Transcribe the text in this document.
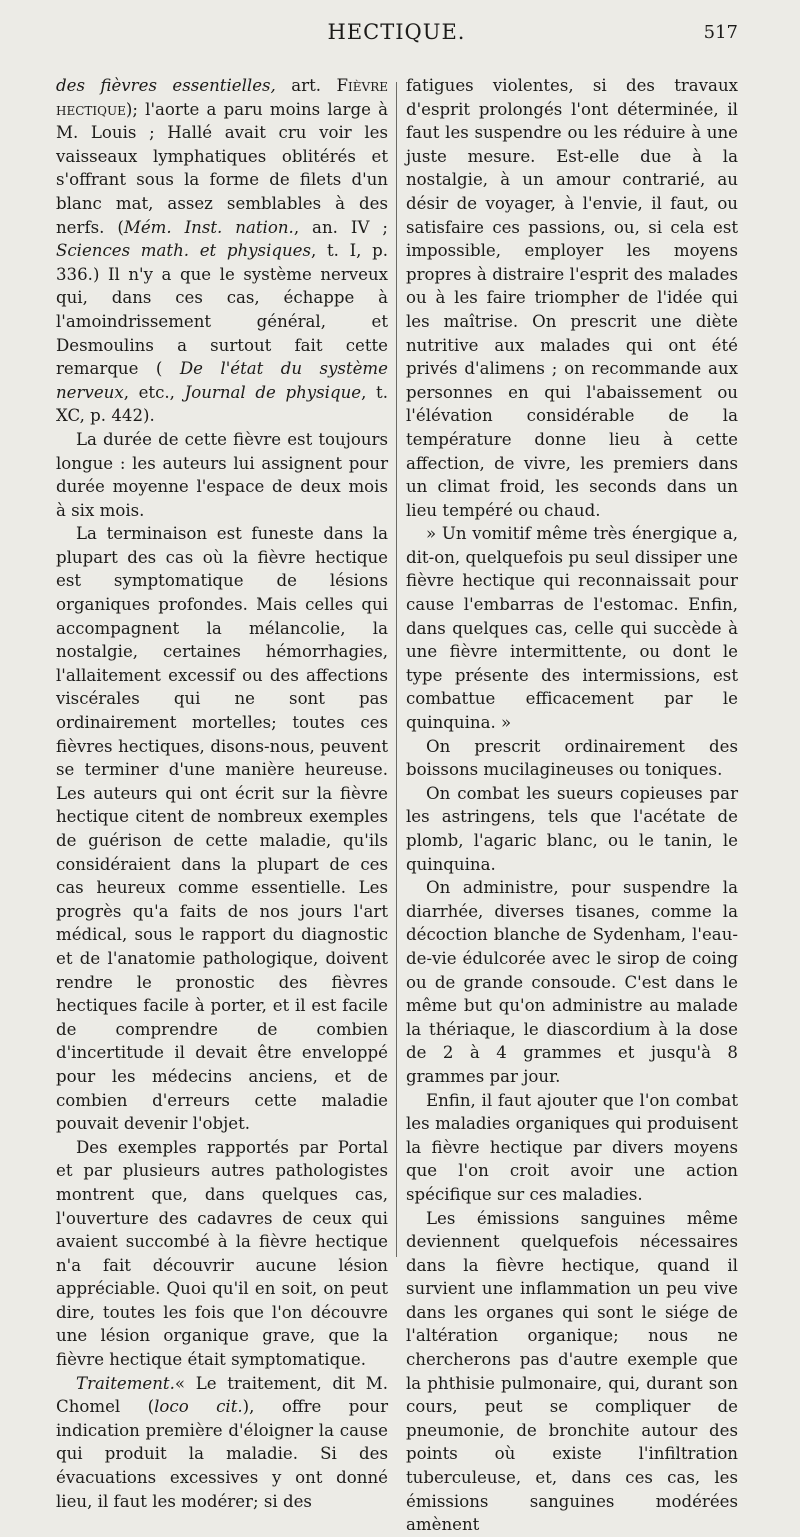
HECTIQUE.	517

des fièvres essentielles, art. Fièvre hectique); l'aorte a paru moins large à M. Louis ; Hallé avait cru voir les vaisseaux lymphatiques oblitérés et s'offrant sous la forme de filets d'un blanc mat, assez semblables à des nerfs. (Mém. Inst. nation., an. IV ; Sciences math. et physiques, t. I, p. 336.) Il n'y a que le système nerveux qui, dans ces cas, échappe à l'amoindrissement général, et Desmoulins a surtout fait cette remarque ( De l'état du système nerveux, etc., Journal de physique, t. XC, p. 442).

La durée de cette fièvre est toujours longue : les auteurs lui assignent pour durée moyenne l'espace de deux mois à six mois.

La terminaison est funeste dans la plupart des cas où la fièvre hectique est symptomatique de lésions organiques profondes. Mais celles qui accompagnent la mélancolie, la nostalgie, certaines hémorrhagies, l'allaitement excessif ou des affections viscérales qui ne sont pas ordinairement mortelles; toutes ces fièvres hectiques, disons-nous, peuvent se terminer d'une manière heureuse. Les auteurs qui ont écrit sur la fièvre hectique citent de nombreux exemples de guérison de cette maladie, qu'ils considéraient dans la plupart de ces cas heureux comme essentielle. Les progrès qu'a faits de nos jours l'art médical, sous le rapport du diagnostic et de l'anatomie pathologique, doivent rendre le pronostic des fièvres hectiques facile à porter, et il est facile de comprendre de combien d'incertitude il devait être enveloppé pour les médecins anciens, et de combien d'erreurs cette maladie pouvait devenir l'objet.

Des exemples rapportés par Portal et par plusieurs autres pathologistes montrent que, dans quelques cas, l'ouverture des cadavres de ceux qui avaient succombé à la fièvre hectique n'a fait découvrir aucune lésion appréciable. Quoi qu'il en soit, on peut dire, toutes les fois que l'on découvre une lésion organique grave, que la fièvre hectique était symptomatique.

Traitement.« Le traitement, dit M. Chomel (loco cit.), offre pour indication première d'éloigner la cause qui produit la maladie. Si des évacuations excessives y ont donné lieu, il faut les modérer; si des

fatigues violentes, si des travaux d'esprit prolongés l'ont déterminée, il faut les suspendre ou les réduire à une juste mesure. Est-elle due à la nostalgie, à un amour contrarié, au désir de voyager, à l'envie, il faut, ou satisfaire ces passions, ou, si cela est impossible, employer les moyens propres à distraire l'esprit des malades ou à les faire triompher de l'idée qui les maîtrise. On prescrit une diète nutritive aux malades qui ont été privés d'alimens ; on recommande aux personnes en qui l'abaissement ou l'élévation considérable de la température donne lieu à cette affection, de vivre, les premiers dans un climat froid, les seconds dans un lieu tempéré ou chaud.

» Un vomitif même très énergique a, dit-on, quelquefois pu seul dissiper une fièvre hectique qui reconnaissait pour cause l'embarras de l'estomac. Enfin, dans quelques cas, celle qui succède à une fièvre intermittente, ou dont le type présente des intermissions, est combattue efficacement par le quinquina. »

On prescrit ordinairement des boissons mucilagineuses ou toniques.

On combat les sueurs copieuses par les astringens, tels que l'acétate de plomb, l'agaric blanc, ou le tanin, le quinquina.

On administre, pour suspendre la diarrhée, diverses tisanes, comme la décoction blanche de Sydenham, l'eau-de-vie édulcorée avec le sirop de coing ou de grande consoude. C'est dans le même but qu'on administre au malade la thériaque, le diascordium à la dose de 2 à 4 grammes et jusqu'à 8 grammes par jour.

Enfin, il faut ajouter que l'on combat les maladies organiques qui produisent la fièvre hectique par divers moyens que l'on croit avoir une action spécifique sur ces maladies.

Les émissions sanguines même deviennent quelquefois nécessaires dans la fièvre hectique, quand il survient une inflammation un peu vive dans les organes qui sont le siége de l'altération organique; nous ne chercherons pas d'autre exemple que la phthisie pulmonaire, qui, durant son cours, peut se compliquer de pneumonie, de bronchite autour des points où existe l'infiltration tuberculeuse, et, dans ces cas, les émissions sanguines modérées amènent
